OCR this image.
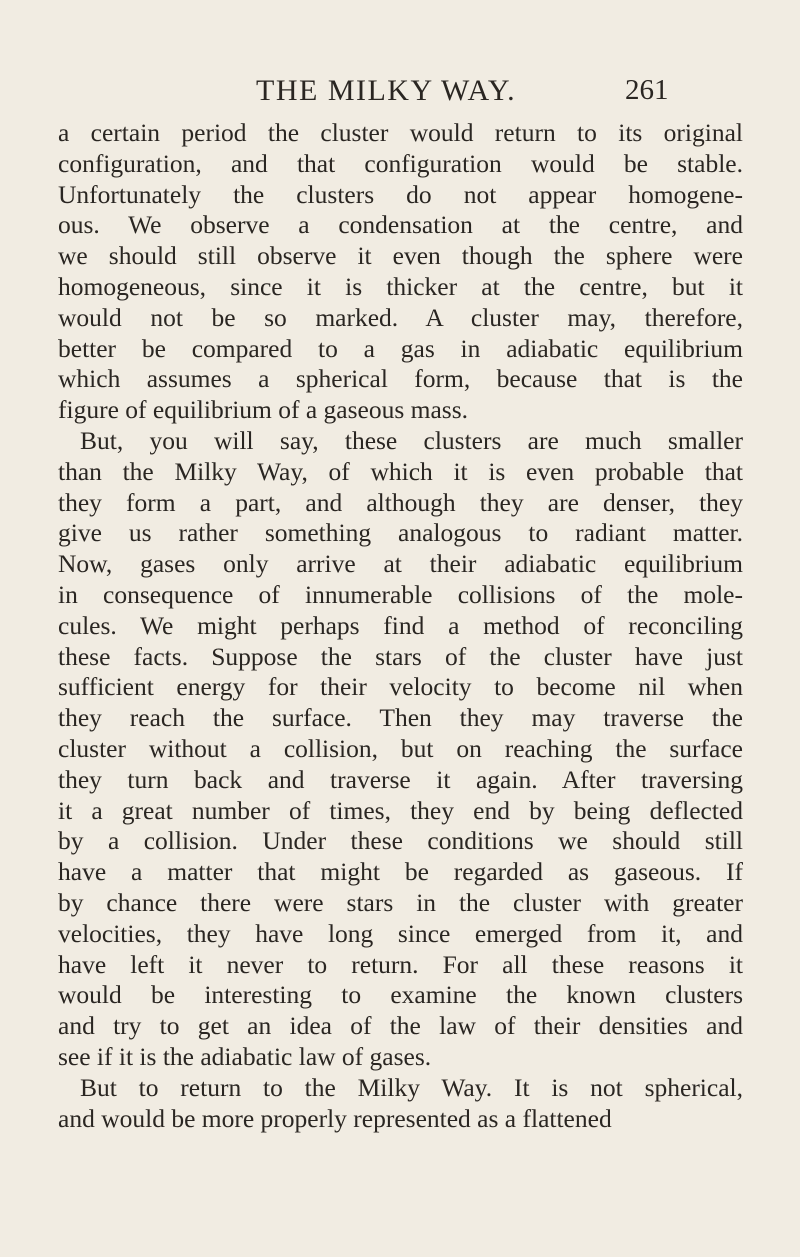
THE MILKY WAY.	261
a certain period the cluster would return to its original
configuration, and that configuration would be stable.
Unfortunately the clusters do not appear homogene-
ous. We observe a condensation at the centre, and
we should still observe it even though the sphere were
homogeneous, since it is thicker at the centre, but it
would not be so marked. A cluster may, therefore,
better be compared to a gas in adiabatic equilibrium
which assumes a spherical form, because that is the
figure of equilibrium of a gaseous mass.
But, you will say, these clusters are much smaller
than the Milky Way, of which it is even probable that
they form a part, and although they are denser, they
give us rather something analogous to radiant matter.
Now, gases only arrive at their adiabatic equilibrium
in consequence of innumerable collisions of the mole-
cules. We might perhaps find a method of reconciling
these facts. Suppose the stars of the cluster have just
sufficient energy for their velocity to become nil when
they reach the surface. Then they may traverse the
cluster without a collision, but on reaching the surface
they turn back and traverse it again. After traversing
it a great number of times, they end by being deflected
by a collision. Under these conditions we should still
have a matter that might be regarded as gaseous. If
by chance there were stars in the cluster with greater
velocities, they have long since emerged from it, and
have left it never to return. For all these reasons it
would be interesting to examine the known clusters
and try to get an idea of the law of their densities and
see if it is the adiabatic law of gases.
But to return to the Milky Way. It is not spherical,
and would be more properly represented as a flattened
